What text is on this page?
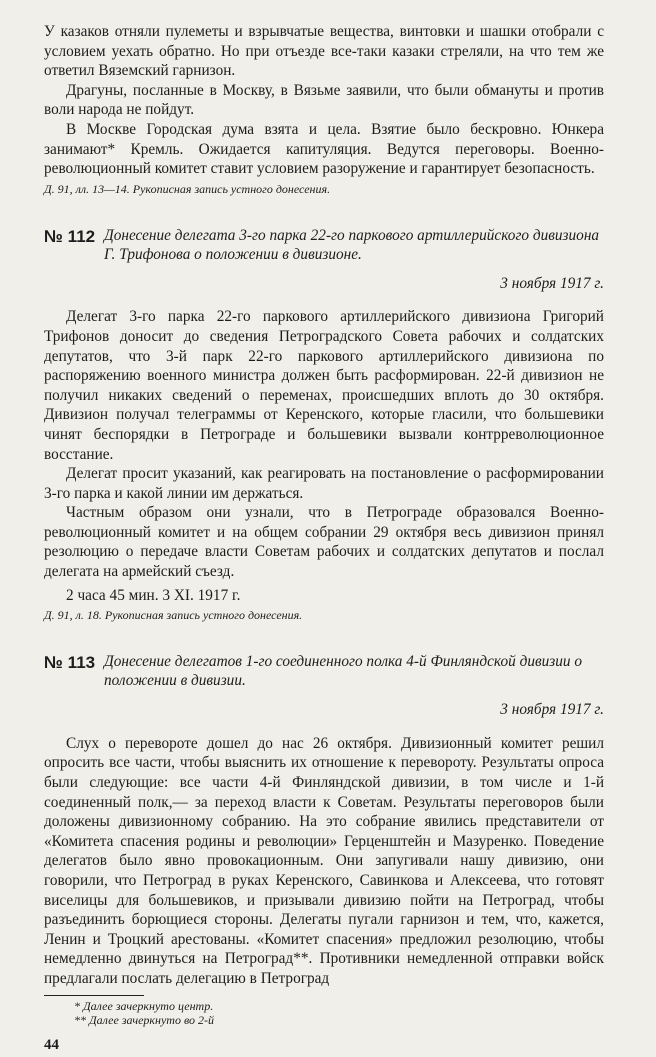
У казаков отняли пулеметы и взрывчатые вещества, винтовки и шашки отобрали с условием уехать обратно. Но при отъезде все-таки казаки стреляли, на что тем же ответил Вяземский гарнизон.

Драгуны, посланные в Москву, в Вязьме заявили, что были обмануты и против воли народа не пойдут.

В Москве Городская дума взята и цела. Взятие было бескровно. Юнкера занимают* Кремль. Ожидается капитуляция. Ведутся переговоры. Военно-революционный комитет ставит условием разоружение и гарантирует безопасность.

Д. 91, лл. 13—14. Рукописная запись устного донесения.

№ 112 Донесение делегата 3-го парка 22-го паркового артиллерийского дивизиона Г. Трифонова о положении в дивизионе.

3 ноября 1917 г.

Делегат 3-го парка 22-го паркового артиллерийского дивизиона Григорий Трифонов доносит до сведения Петроградского Совета рабочих и солдатских депутатов, что 3-й парк 22-го паркового артиллерийского дивизиона по распоряжению военного министра должен быть расформирован. 22-й дивизион не получил никаких сведений о переменах, происшедших вплоть до 30 октября. Дивизион получал телеграммы от Керенского, которые гласили, что большевики чинят беспорядки в Петрограде и большевики вызвали контрреволюционное восстание.

Делегат просит указаний, как реагировать на постановление о расформировании 3-го парка и какой линии им держаться.

Частным образом они узнали, что в Петрограде образовался Военно-революционный комитет и на общем собрании 29 октября весь дивизион принял резолюцию о передаче власти Советам рабочих и солдатских депутатов и послал делегата на армейский съезд.

2 часа 45 мин. 3 XI. 1917 г.

Д. 91, л. 18. Рукописная запись устного донесения.

№ 113 Донесение делегатов 1-го соединенного полка 4-й Финляндской дивизии о положении в дивизии.

3 ноября 1917 г.

Слух о перевороте дошел до нас 26 октября. Дивизионный комитет решил опросить все части, чтобы выяснить их отношение к перевороту. Результаты опроса были следующие: все части 4-й Финляндской дивизии, в том числе и 1-й соединенный полк,— за переход власти к Советам. Результаты переговоров были доложены дивизионному собранию. На это собрание явились представители от «Комитета спасения родины и революции» Герценштейн и Мазуренко. Поведение делегатов было явно провокационным. Они запугивали нашу дивизию, они говорили, что Петроград в руках Керенского, Савинкова и Алексеева, что готовят виселицы для большевиков, и призывали дивизию пойти на Петроград, чтобы разъединить борющиеся стороны. Делегаты пугали гарнизон и тем, что, кажется, Ленин и Троцкий арестованы. «Комитет спасения» предложил резолюцию, чтобы немедленно двинуться на Петроград**. Противники немедленной отправки войск предлагали послать делегацию в Петроград

* Далее зачеркнуто центр.

** Далее зачеркнуто во 2-й

44
